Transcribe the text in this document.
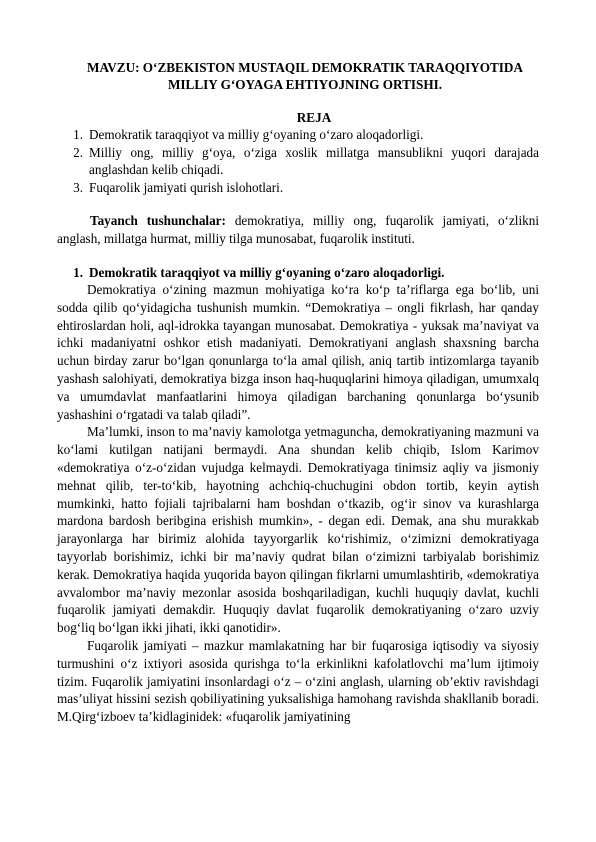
MAVZU: O‘ZBEKISTON MUSTAQIL DEMOKRATIK TARAQQIYOTIDA
MILLIY G‘OYAGA EHTIYOJNING ORTISHI.
REJA
1. Demokratik taraqqiyot va milliy g‘oyaning o‘zaro aloqadorligi.
2. Milliy ong, milliy g‘oya, o‘ziga xoslik millatga mansublikni yuqori darajada anglashdan kelib chiqadi.
3. Fuqarolik jamiyati qurish islohotlari.

Tayanch tushunchalar: demokratiya, milliy ong, fuqarolik jamiyati, o‘zlikni anglash, millatga hurmat, milliy tilga munosabat, fuqarolik instituti.

1. Demokratik taraqqiyot va milliy g‘oyaning o‘zaro aloqadorligi.

Demokratiya o‘zining mazmun mohiyatiga ko‘ra ko‘p ta’riflarga ega bo‘lib, uni sodda qilib qo‘yidagicha tushunish mumkin. “Demokratiya – ongli fikrlash, har qanday ehtiroslardan holi, aql-idrokka tayangan munosabat. Demokratiya - yuksak ma’naviyat va ichki madaniyatni oshkor etish madaniyati. Demokratiyani anglash shaxsning barcha uchun birday zarur bo‘lgan qonunlarga to‘la amal qilish, aniq tartib intizomlarga tayanib yashash salohiyati, demokratiya bizga inson haq-huquqlarini himoya qiladigan, umumxalq va umumdavlat manfaatlarini himoya qiladigan barchaning qonunlarga bo‘ysunib yashashini o‘rgatadi va talab qiladi”.

Ma’lumki, inson to ma’naviy kamolotga yetmaguncha, demokratiyaning mazmuni va ko‘lami kutilgan natijani bermaydi. Ana shundan kelib chiqib, Islom Karimov «demokratiya o‘z-o‘zidan vujudga kelmaydi. Demokratiyaga tinimsiz aqliy va jismoniy mehnat qilib, ter-to‘kib, hayotning achchiq-chuchugini obdon tortib, keyin aytish mumkinki, hatto fojiali tajribalarni ham boshdan o‘tkazib, og‘ir sinov va kurashlarga mardona bardosh beribgina erishish mumkin», - degan edi. Demak, ana shu murakkab jarayonlarga har birimiz alohida tayyorgarlik ko‘rishimiz, o‘zimizni demokratiyaga tayyorlab borishimiz, ichki bir ma’naviy qudrat bilan o‘zimizni tarbiyalab borishimiz kerak. Demokratiya haqida yuqorida bayon qilingan fikrlarni umumlashtirib, «demokratiya avvalombor ma’naviy mezonlar asosida boshqariladigan, kuchli huquqiy davlat, kuchli fuqarolik jamiyati demakdir. Huquqiy davlat fuqarolik demokratiyaning o‘zaro uzviy bog‘liq bo‘lgan ikki jihati, ikki qanotidir».

Fuqarolik jamiyati – mazkur mamlakatning har bir fuqarosiga iqtisodiy va siyosiy turmushini o‘z ixtiyori asosida qurishga to‘la erkinlikni kafolatlovchi ma’lum ijtimoiy tizim. Fuqarolik jamiyatini insonlardagi o‘z – o‘zini anglash, ularning ob’ektiv ravishdagi mas’uliyat hissini sezish qobiliyatining yuksalishiga hamohang ravishda shakllanib boradi. M.Qirg‘izboev ta’kidlaginidek: «fuqarolik jamiyatining
